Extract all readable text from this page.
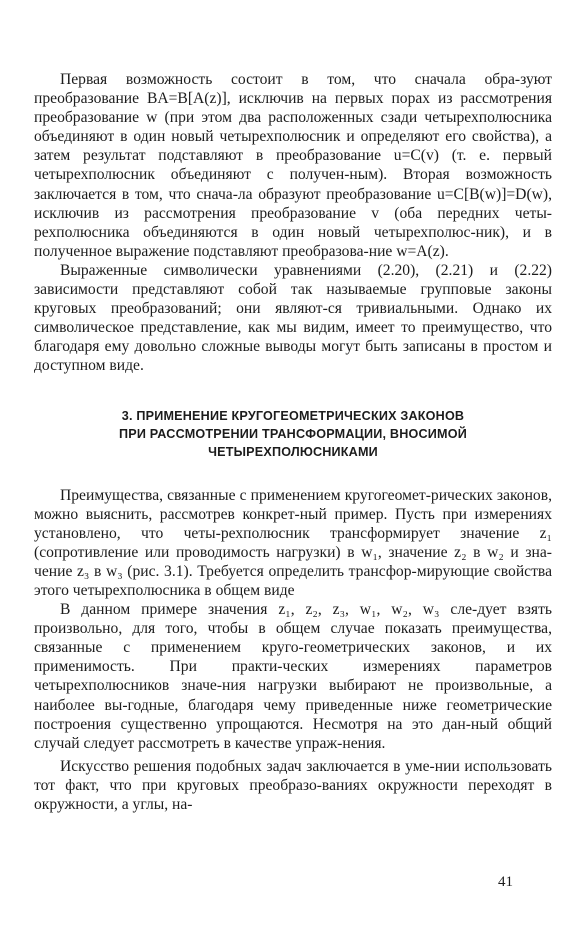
Первая возможность состоит в том, что сначала обра-зуют преобразование BA=B[A(z)], исключив на первых порах из рассмотрения преобразование w (при этом два расположенных сзади четырехполюсника объединяют в один новый четырехполюсник и определяют его свойства), а затем результат подставляют в преобразование u=C(v) (т. е. первый четырехполюсник объединяют с получен-ным). Вторая возможность заключается в том, что снача-ла образуют преобразование u=C[B(w)]=D(w), исключив из рассмотрения преобразование v (оба передних четы-рехполюсника объединяются в один новый четырехполюс-ник), и в полученное выражение подставляют преобразова-ние w=A(z).

Выраженные символически уравнениями (2.20), (2.21) и (2.22) зависимости представляют собой так называемые групповые законы круговых преобразований; они являют-ся тривиальными. Однако их символическое представление, как мы видим, имеет то преимущество, что благодаря ему довольно сложные выводы могут быть записаны в простом и доступном виде.

3. ПРИМЕНЕНИЕ КРУГОГЕОМЕТРИЧЕСКИХ ЗАКОНОВ
ПРИ РАССМОТРЕНИИ ТРАНСФОРМАЦИИ, ВНОСИМОЙ
ЧЕТЫРЕХПОЛЮСНИКАМИ

Преимущества, связанные с применением кругогеомет-рических законов, можно выяснить, рассмотрев конкрет-ный пример. Пусть при измерениях установлено, что четы-рехполюсник трансформирует значение z₁ (сопротивление или проводимость нагрузки) в w₁, значение z₂ в w₂ и зна-чение z₃ в w₃ (рис. 3.1). Требуется определить трансфор-мирующие свойства этого четырехполюсника в общем виде

В данном примере значения z₁, z₂, z₃, w₁, w₂, w₃ сле-дует взять произвольно, для того, чтобы в общем случае показать преимущества, связанные с применением круго-геометрических законов, и их применимость. При практи-ческих измерениях параметров четырехполюсников значе-ния нагрузки выбирают не произвольные, а наиболее вы-годные, благодаря чему приведенные ниже геометрические построения существенно упрощаются. Несмотря на это дан-ный общий случай следует рассмотреть в качестве упраж-нения.

Искусство решения подобных задач заключается в уме-нии использовать тот факт, что при круговых преобразо-ваниях окружности переходят в окружности, а углы, на-

41
